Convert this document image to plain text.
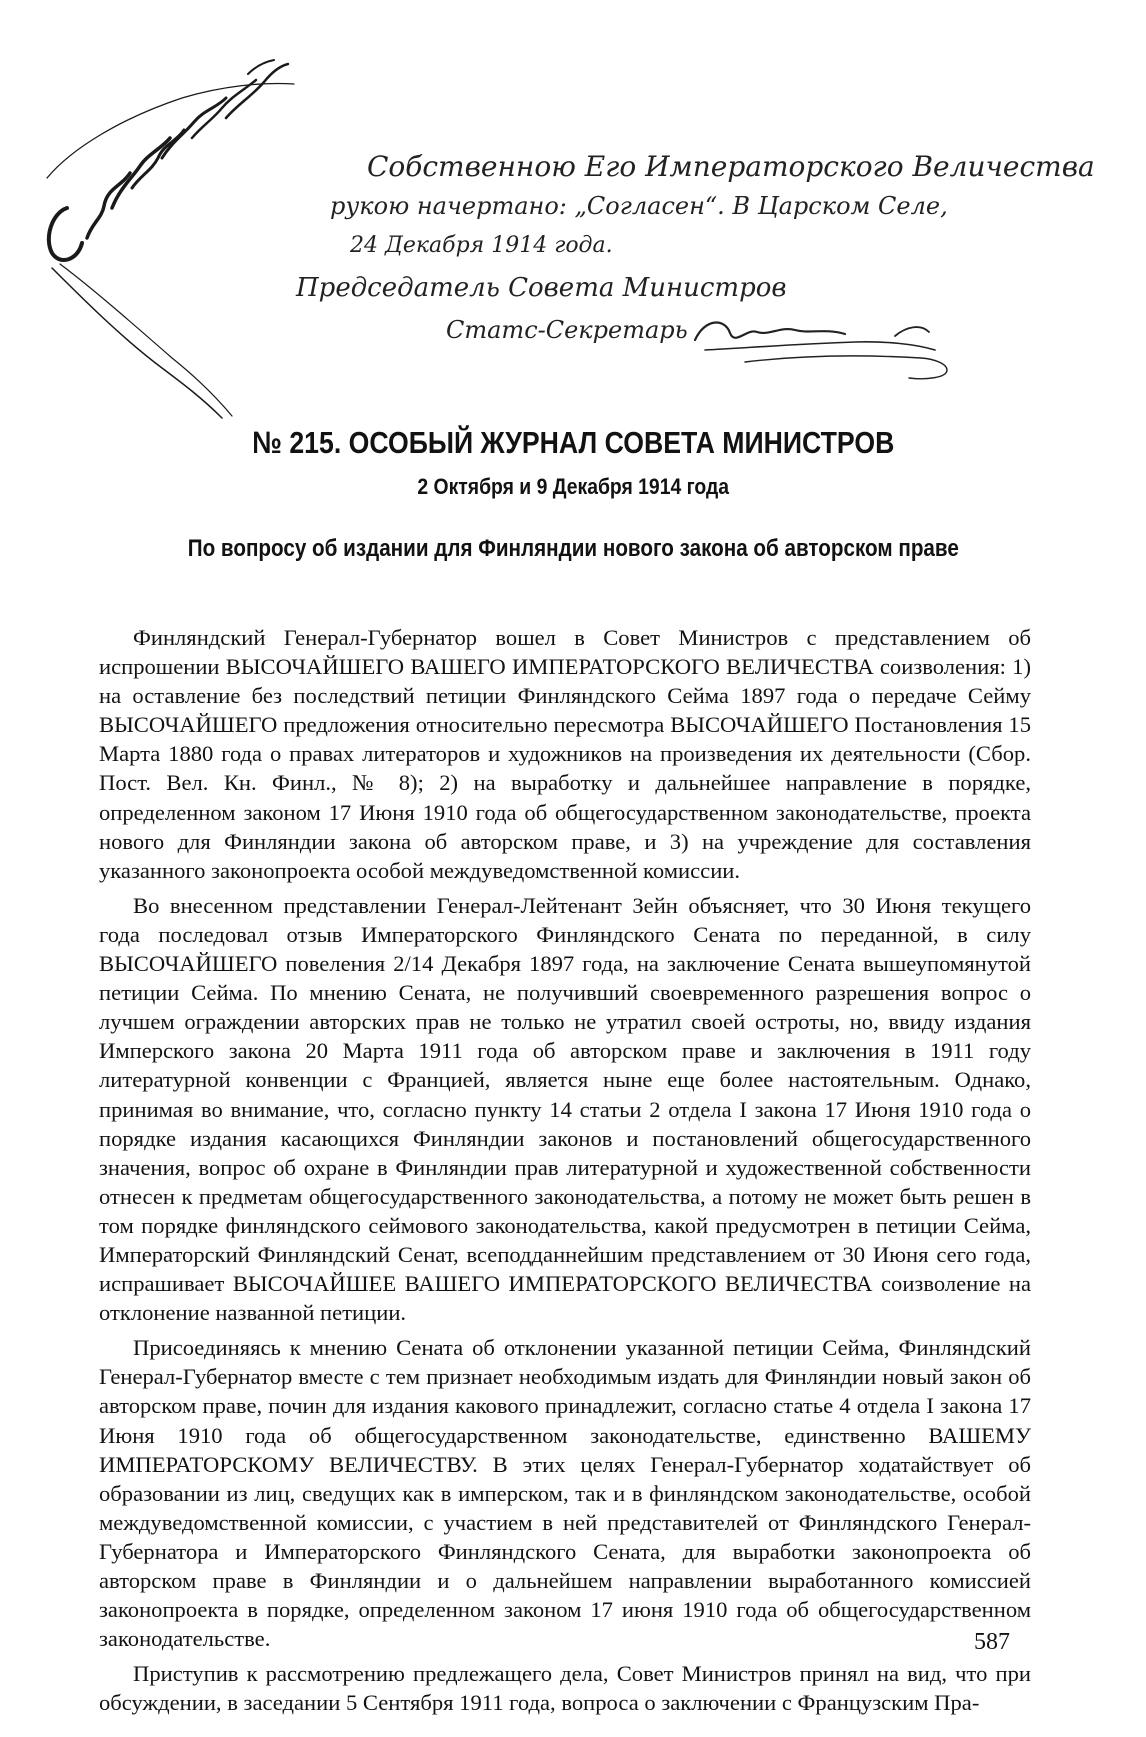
Собственною Его Императорского Величества
рукою начертано: „Согласен“. В Царском Селе,
24 Декабря 1914 года.
Председатель Совета Министров
Статс-Секретарь
№ 215. ОСОБЫЙ ЖУРНАЛ СОВЕТА МИНИСТРОВ
2 Октября и 9 Декабря 1914 года
По вопросу об издании для Финляндии нового закона об авторском праве

Финляндский Генерал-Губернатор вошел в Совет Министров с представлением об испрошении ВЫСОЧАЙШЕГО ВАШЕГО ИМПЕРАТОРСКОГО ВЕЛИЧЕСТВА соизволения: 1) на оставление без последствий петиции Финляндского Сейма 1897 года о передаче Сейму ВЫСОЧАЙШЕГО предложения относительно пересмотра ВЫСОЧАЙШЕГО Постановления 15 Марта 1880 года о правах литераторов и художников на произведения их деятельности (Сбор. Пост. Вел. Кн. Финл., № 8); 2) на выработку и дальнейшее направление в порядке, определенном законом 17 Июня 1910 года об общегосударственном законодательстве, проекта нового для Финляндии закона об авторском праве, и 3) на учреждение для составления указанного законопроекта особой междуведомственной комиссии.

Во внесенном представлении Генерал-Лейтенант Зейн объясняет, что 30 Июня текущего года последовал отзыв Императорского Финляндского Сената по переданной, в силу ВЫСОЧАЙШЕГО повеления 2/14 Декабря 1897 года, на заключение Сената вышеупомянутой петиции Сейма. По мнению Сената, не получивший своевременного разрешения вопрос о лучшем ограждении авторских прав не только не утратил своей остроты, но, ввиду издания Имперского закона 20 Марта 1911 года об авторском праве и заключения в 1911 году литературной конвенции с Францией, является ныне еще более настоятельным. Однако, принимая во внимание, что, согласно пункту 14 статьи 2 отдела I закона 17 Июня 1910 года о порядке издания касающихся Финляндии законов и постановлений общегосударственного значения, вопрос об охране в Финляндии прав литературной и художественной собственности отнесен к предметам общегосударственного законодательства, а потому не может быть решен в том порядке финляндского сеймового законодательства, какой предусмотрен в петиции Сейма, Императорский Финляндский Сенат, всеподданнейшим представлением от 30 Июня сего года, испрашивает ВЫСОЧАЙШЕЕ ВАШЕГО ИМПЕРАТОРСКОГО ВЕЛИЧЕСТВА соизволение на отклонение названной петиции.

Присоединяясь к мнению Сената об отклонении указанной петиции Сейма, Финляндский Генерал-Губернатор вместе с тем признает необходимым издать для Финляндии новый закон об авторском праве, почин для издания какового принадлежит, согласно статье 4 отдела I закона 17 Июня 1910 года об общегосударственном законодательстве, единственно ВАШЕМУ ИМПЕРАТОРСКОМУ ВЕЛИЧЕСТВУ. В этих целях Генерал-Губернатор ходатайствует об образовании из лиц, сведущих как в имперском, так и в финляндском законодательстве, особой междуведомственной комиссии, с участием в ней представителей от Финляндского Генерал-Губернатора и Императорского Финляндского Сената, для выработки законопроекта об авторском праве в Финляндии и о дальнейшем направлении выработанного комиссией законопроекта в порядке, определенном законом 17 июня 1910 года об общегосударственном законодательстве.

Приступив к рассмотрению предлежащего дела, Совет Министров принял на вид, что при обсуждении, в заседании 5 Сентября 1911 года, вопроса о заключении с Французским Пра-

587
